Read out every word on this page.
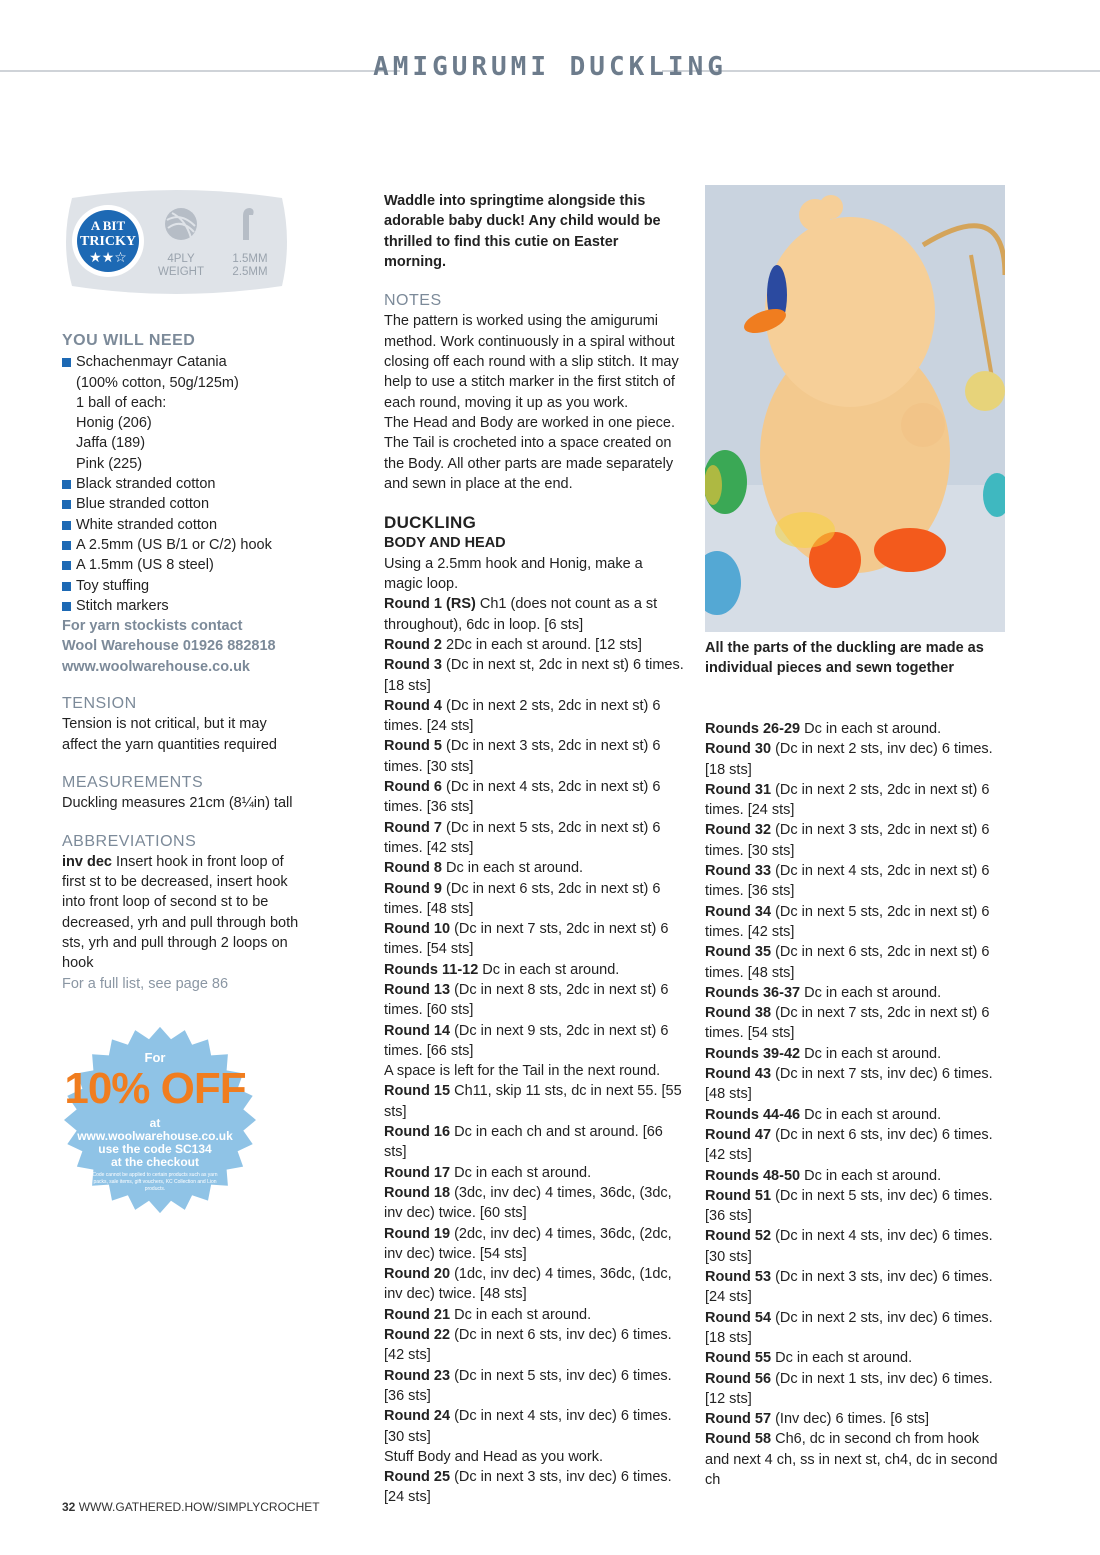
AMIGURUMI DUCKLING
A BIT
TRICKY
★★☆	4PLY
WEIGHT
1.5MM
2.5MM

YOU WILL NEED

Schachenmayr Catania

(100% cotton, 50g/125m)

1 ball of each:

Honig (206)

Jaffa (189)

Pink (225)

Black stranded cotton
Blue stranded cotton
White stranded cotton
A 2.5mm (US B/1 or C/2) hook
A 1.5mm (US 8 steel)
Toy stuffing
Stitch markers

For yarn stockists contact

Wool Warehouse 01926 882818

www.woolwarehouse.co.uk

TENSION

Tension is not critical, but it may affect the yarn quantities required

MEASUREMENTS

Duckling measures 21cm (8¼in) tall

ABBREVIATIONS

inv dec Insert hook in front loop of first st to be decreased, insert hook into front loop of second st to be decreased, yrh and pull through both sts, yrh and pull through 2 loops on hook

For a full list, see page 86

For
10% OFF
at
www.woolwarehouse.co.uk
use the code SC134
at the checkout
Code cannot be applied to certain products such as yarn packs, sale items, gift vouchers, KC Collection and Lion products.

Waddle into springtime alongside this adorable baby duck! Any child would be thrilled to find this cutie on Easter morning.

NOTES

The pattern is worked using the amigurumi method. Work continuously in a spiral without closing off each round with a slip stitch. It may help to use a stitch marker in the first stitch of each round, moving it up as you work.

The Head and Body are worked in one piece. The Tail is crocheted into a space created on the Body. All other parts are made separately and sewn in place at the end.

DUCKLING

BODY AND HEAD

Using a 2.5mm hook and Honig, make a magic loop.

Round 1 (RS) Ch1 (does not count as a st throughout), 6dc in loop. [6 sts]

Round 2 2Dc in each st around. [12 sts]

Round 3 (Dc in next st, 2dc in next st) 6 times. [18 sts]

Round 4 (Dc in next 2 sts, 2dc in next st) 6 times. [24 sts]

Round 5 (Dc in next 3 sts, 2dc in next st) 6 times. [30 sts]

Round 6 (Dc in next 4 sts, 2dc in next st) 6 times. [36 sts]

Round 7 (Dc in next 5 sts, 2dc in next st) 6 times. [42 sts]

Round 8 Dc in each st around.

Round 9 (Dc in next 6 sts, 2dc in next st) 6 times. [48 sts]

Round 10 (Dc in next 7 sts, 2dc in next st) 6 times. [54 sts]

Rounds 11-12 Dc in each st around.

Round 13 (Dc in next 8 sts, 2dc in next st) 6 times. [60 sts]

Round 14 (Dc in next 9 sts, 2dc in next st) 6 times. [66 sts]

A space is left for the Tail in the next round.

Round 15 Ch11, skip 11 sts, dc in next 55. [55 sts]

Round 16 Dc in each ch and st around. [66 sts]

Round 17 Dc in each st around.

Round 18 (3dc, inv dec) 4 times, 36dc, (3dc, inv dec) twice. [60 sts]

Round 19 (2dc, inv dec) 4 times, 36dc, (2dc, inv dec) twice. [54 sts]

Round 20 (1dc, inv dec) 4 times, 36dc, (1dc, inv dec) twice. [48 sts]

Round 21 Dc in each st around.

Round 22 (Dc in next 6 sts, inv dec) 6 times. [42 sts]

Round 23 (Dc in next 5 sts, inv dec) 6 times. [36 sts]

Round 24 (Dc in next 4 sts, inv dec) 6 times. [30 sts]

Stuff Body and Head as you work.

Round 25 (Dc in next 3 sts, inv dec) 6 times. [24 sts]

All the parts of the duckling are made as individual pieces and sewn together

Rounds 26-29 Dc in each st around.

Round 30 (Dc in next 2 sts, inv dec) 6 times. [18 sts]

Round 31 (Dc in next 2 sts, 2dc in next st) 6 times. [24 sts]

Round 32 (Dc in next 3 sts, 2dc in next st) 6 times. [30 sts]

Round 33 (Dc in next 4 sts, 2dc in next st) 6 times. [36 sts]

Round 34 (Dc in next 5 sts, 2dc in next st) 6 times. [42 sts]

Round 35 (Dc in next 6 sts, 2dc in next st) 6 times. [48 sts]

Rounds 36-37 Dc in each st around.

Round 38 (Dc in next 7 sts, 2dc in next st) 6 times. [54 sts]

Rounds 39-42 Dc in each st around.

Round 43 (Dc in next 7 sts, inv dec) 6 times. [48 sts]

Rounds 44-46 Dc in each st around.

Round 47 (Dc in next 6 sts, inv dec) 6 times. [42 sts]

Rounds 48-50 Dc in each st around.

Round 51 (Dc in next 5 sts, inv dec) 6 times. [36 sts]

Round 52 (Dc in next 4 sts, inv dec) 6 times. [30 sts]

Round 53 (Dc in next 3 sts, inv dec) 6 times. [24 sts]

Round 54 (Dc in next 2 sts, inv dec) 6 times. [18 sts]

Round 55 Dc in each st around.

Round 56 (Dc in next 1 sts, inv dec) 6 times. [12 sts]

Round 57 (Inv dec) 6 times. [6 sts]

Round 58 Ch6, dc in second ch from hook and next 4 ch, ss in next st, ch4, dc in second ch

32 WWW.GATHERED.HOW/SIMPLYCROCHET
